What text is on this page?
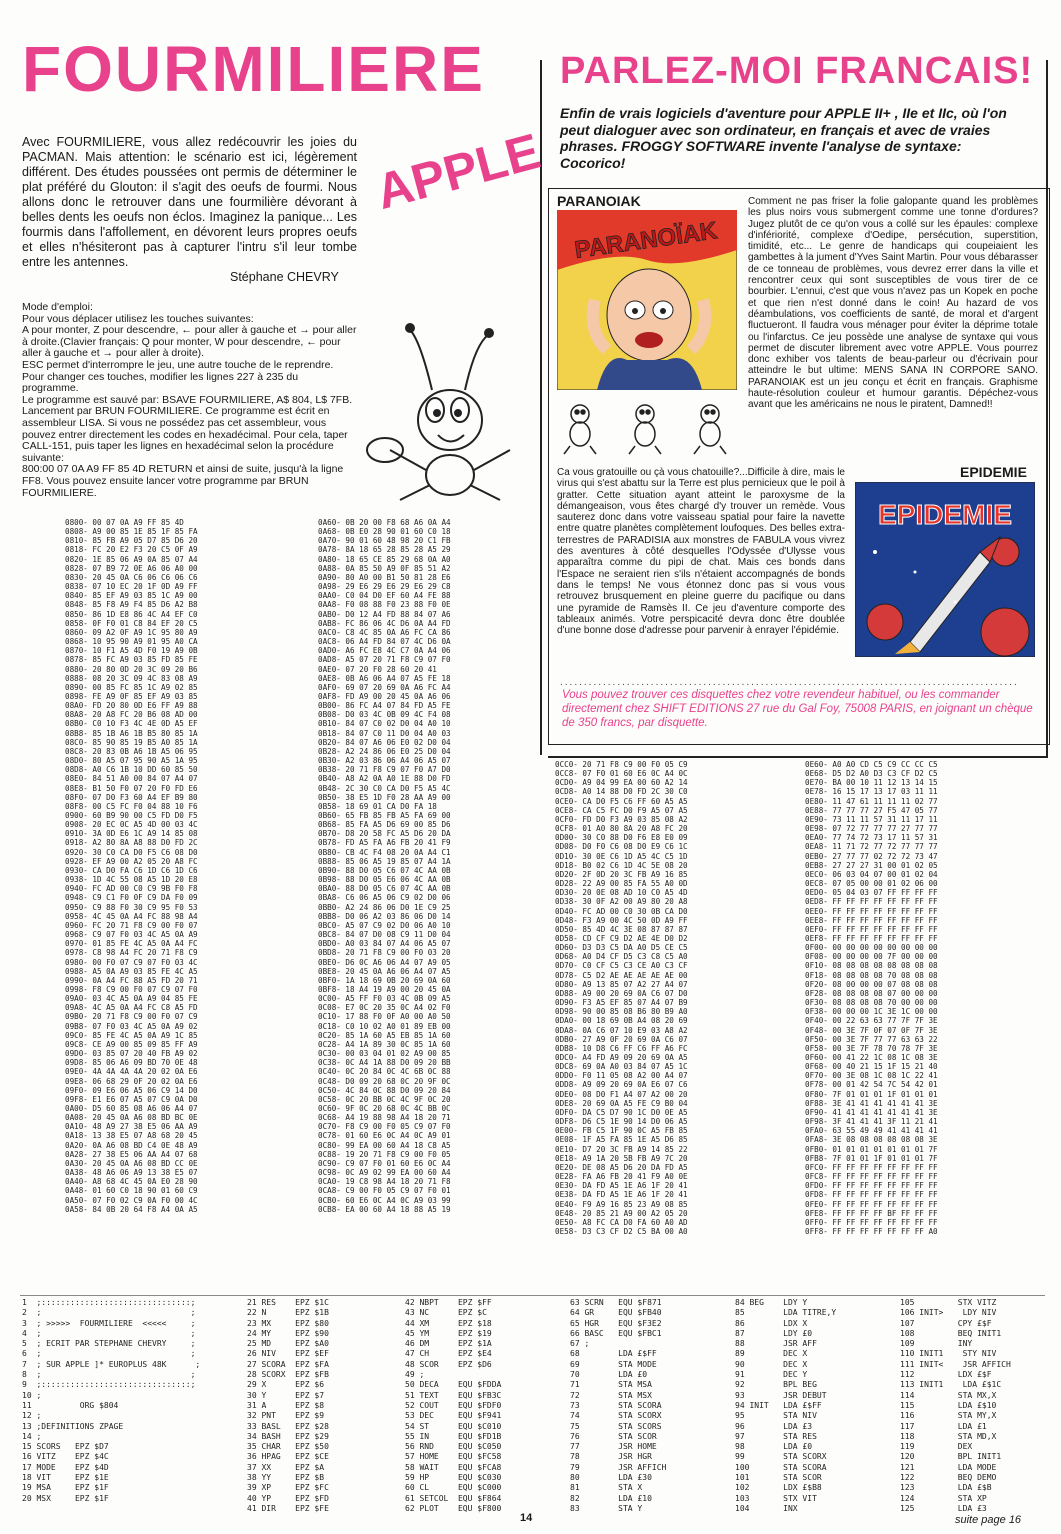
FOURMILIERE PARLEZ-MOI FRANCAIS!
Avec FOURMILIERE, vous allez redécouvrir les joies du PACMAN. Mais attention: le scénario est ici, légèrement différent. Des études poussées ont permis de déterminer le plat préféré du Glouton: il s'agit des oeufs de fourmi. Nous allons donc le retrouver dans une fourmilière dévorant à belles dents les oeufs non éclos. Imaginez la panique... Les fourmis dans l'affollement, en dévorent leurs propres oeufs et elles n'hésiteront pas à capturer l'intru s'il leur tombe entre les antennes.
Stéphane CHEVRY
APPLE
Mode d'emploi:
Pour vous déplacer utilisez les touches suivantes:
A pour monter, Z pour descendre, ← pour aller à gauche et → pour aller à droite.(Clavier français: Q pour monter, W pour descendre, ← pour aller à gauche et → pour aller à droite).
ESC permet d'interrompre le jeu, une autre touche de le reprendre. Pour changer ces touches, modifier les lignes 227 à 235 du programme.
Le programme est sauvé par: BSAVE FOURMILIERE, A$ 804, L$ 7FB.
Lancement par BRUN FOURMILIERE. Ce programme est écrit en assembleur LISA. Si vous ne possédez pas cet assembleur, vous pouvez entrer directement les codes en hexadécimal. Pour cela, taper CALL-151, puis taper les lignes en hexadécimal selon la procédure suivante:
800:00 07 0A A9 FF 85 4D RETURN et ainsi de suite, jusqu'à la ligne FF8. Vous pouvez ensuite lancer votre programme par BRUN FOURMILIERE.
Enfin de vrais logiciels d'aventure pour APPLE II+ , IIe et IIc, où l'on peut dialoguer avec son ordinateur, en français et avec de vraies phrases. FROGGY SOFTWARE invente l'analyse de syntaxe: Cocorico!
PARANOIAK
PARANOÏAK
Comment ne pas friser la folie galopante quand les problèmes les plus noirs vous submergent comme une tonne d'ordures? Jugez plutôt de ce qu'on vous a collé sur les épaules: complexe d'infériorité, complexe d'Oedipe, persécution, superstition, timidité, etc... Le genre de handicaps qui coupeiaient les gambettes à la jument d'Yves Saint Martin. Pour vous débarasser de ce tonneau de problèmes, vous devrez errer dans la ville et rencontrer ceux qui sont susceptibles de vous tirer de ce bourbier. L'ennui, c'est que vous n'avez pas un Kopek en poche et que rien n'est donné dans le coin! Au hazard de vos déambulations, vos coefficients de santé, de moral et d'argent fluctueront. Il faudra vous ménager pour éviter la déprime totale ou l'infarctus. Ce jeu possède une analyse de syntaxe qui vous permet de discuter librement avec votre APPLE. Vous pourrez donc exhiber vos talents de beau-parleur ou d'écrivain pour atteindre le but ultime: MENS SANA IN CORPORE SANO. PARANOIAK est un jeu conçu et écrit en français. Graphisme haute-résolution couleur et humour garantis. Dépéchez-vous avant que les américains ne nous le piratent, Damned!!
EPIDEMIE
EPIDEMIE
Ca vous gratouille ou çà vous chatouille?...Difficile à dire, mais le virus qui s'est abattu sur la Terre est plus pernicieux que le poil à gratter. Cette situation ayant atteint le paroxysme de la démangeaison, vous êtes chargé d'y trouver un remède. Vous sauterez donc dans votre vaisseau spatial pour faire la navette entre quatre planètes complètement loufoques. Des belles extra-terrestres de PARADISIA aux monstres de FABULA vous vivrez des aventures à côté desquelles l'Odyssée d'Ulysse vous apparaîtra comme du pipi de chat. Mais ces bonds dans l'Espace ne seraient rien s'ils n'étaient accompagnés de bonds dans le temps! Ne vous étonnez donc pas si vous vous retrouvez brusquement en pleine guerre du pacifique ou dans une pyramide de Ramsès II. Ce jeu d'aventure comporte des tableaux animés. Votre perspicacité devra donc être doublée d'une bonne dose d'adresse pour parvenir à enrayer l'épidémie.
................................................................................................
Vous pouvez trouver ces disquettes chez votre revendeur habituel, ou les commander directement chez SHIFT EDITIONS 27 rue du Gal Foy, 75008 PARIS, en joignant un chèque de 350 francs, par disquette.
0800- 00 07 0A A9 FF 85 4D
0808- A9 00 85 1E 85 1F 85 FA
0810- 85 FB A9 05 D7 85 D6 20
0818- FC 20 E2 F3 20 C5 0F A9
0820- 1E 85 06 A9 0A 85 07 A4
0828- 07 B9 72 0E A6 06 A0 00
0830- 20 45 0A C6 06 C6 06 C6
0838- 07 10 EC 20 1F 0D A9 FF
0840- 85 EF A9 03 85 1C A9 00
0848- 85 F8 A9 F4 85 D6 A2 B8
0850- 86 1D E8 86 4C A4 EF C0
0858- 0F F0 01 C8 84 EF 20 C5
0860- 09 A2 0F A9 1C 95 80 A9
0868- 10 95 90 A9 01 95 A0 CA
0870- 10 F1 A5 4D F0 19 A9 0B
0878- 85 FC A9 03 85 FD 85 FE
0880- 20 80 0D 20 3C 09 20 B6
0888- 08 20 3C 09 4C 83 08 A9
0890- 00 85 FC 85 1C A9 02 85
0898- FE A9 0F 85 EF A9 03 85
08A0- FD 20 80 0D E6 FF A9 88
08A8- 20 A8 FC 20 B6 08 AD 00
08B0- C0 10 F3 4C 4E 0D A5 EF
08B8- 85 1B A6 1B B5 80 85 1A
08C0- 85 90 85 19 B5 A0 85 1A
08C8- 20 83 0B A6 1B A5 06 95
08D0- 80 A5 07 95 90 A5 1A 95
08D8- A0 C6 1B 10 DD 60 85 50
08E0- 84 51 A0 00 84 07 A4 07
08E8- B1 50 F0 07 20 F0 FD E6
08F0- 07 D0 F3 60 A4 EF B9 80
08F8- 00 C5 FC F0 04 88 10 F6
0900- 60 B9 90 00 C5 FD D0 F5
0908- 20 EC 0C A5 4D 00 03 4C
0910- 3A 0D E6 1C A9 14 85 08
0918- A2 80 8A A8 88 D0 FD 2C
0920- 30 C0 CA D0 F5 C6 08 D0
0928- EF A9 00 A2 05 20 A8 FC
0930- CA D0 FA C6 1D C6 1D C6
0938- 1D 4C 55 08 A5 1D 20 E8
0940- FC AD 00 C0 C9 9B F0 F8
0948- C9 C1 F0 0F C9 DA F0 09
0950- C9 88 F0 30 C9 95 F0 53
0958- 4C 45 0A A4 FC 88 98 A4
0960- FC 20 71 F8 C9 00 F0 07
0968- C9 07 F0 03 4C A5 0A A9
0970- 01 85 FE 4C A5 0A A4 FC
0978- C8 98 A4 FC 20 71 F8 C9
0980- 00 F0 07 C9 07 F0 03 4C
0988- A5 0A A9 03 85 FE 4C A5
0990- 0A A4 FC 88 A5 FD 20 71
0998- F8 C9 00 F0 07 C9 07 F0
09A0- 03 4C A5 0A A9 04 85 FE
09A8- 4C A5 0A A4 FC C8 A5 FD
09B0- 20 71 F8 C9 00 F0 07 C9
09B8- 07 F0 03 4C A5 0A A9 02
09C0- 85 FE 4C A5 0A A9 1C 85
09C8- CE A9 00 85 09 85 FF A9
09D0- 03 85 07 20 40 FB A9 02
09D8- 85 06 A6 09 BD 70 0E 48
09E0- 4A 4A 4A 4A 20 02 0A E6
09E8- 06 68 29 0F 20 02 0A E6
09F0- 09 E6 06 A5 06 C9 14 D0
09F8- E1 E6 07 A5 07 C9 0A D0
0A00- D5 60 85 08 A6 06 A4 07
0A08- 20 45 0A A6 08 BD BC 0E
0A10- 48 A9 27 38 E5 06 AA A9
0A18- 13 38 E5 07 A8 68 20 45
0A20- 0A A6 08 BD C4 0E 48 A9
0A28- 27 38 E5 06 AA A4 07 68
0A30- 20 45 0A A6 08 BD CC 0E
0A38- 48 A6 06 A9 13 38 E5 07
0A40- A8 68 4C 45 0A E0 28 90
0A48- 01 60 C0 18 90 01 60 C9
0A50- 07 F0 02 C9 0A F0 00 4C
0A58- 84 0B 20 64 F8 A4 0A A5
0A60- 0B 20 00 F8 68 A6 0A A4
0A68- 0B E0 28 90 01 60 C0 18
0A70- 90 01 60 48 98 20 C1 FB
0A78- 8A 18 65 28 85 28 A5 29
0A80- 18 65 CE 85 29 68 0A A0
0A88- 0A 85 50 A9 0F 85 51 A2
0A90- 80 A0 00 B1 50 81 28 E6
0A98- 29 E6 29 E6 29 E6 29 C8
0AA0- C0 04 D0 EF 60 A4 FE 88
0AA8- F0 08 88 F0 23 88 F0 0E
0AB0- D0 12 A4 FD 88 84 07 A6
0AB8- FC 86 06 4C D6 0A A4 FD
0AC0- C8 4C 85 0A A6 FC CA 86
0AC8- 06 A4 FD 84 07 4C D6 0A
0AD0- A6 FC E8 4C C7 0A A4 06
0AD8- A5 07 20 71 F8 C9 07 F0
0AE0- 07 20 F0 28 60 20 41
0AE8- 0B A6 06 A4 07 A5 FE 18
0AF0- 69 07 20 69 0A A6 FC A4
0AF8- FD A9 00 20 45 0A A6 06
0B00- 86 FC A4 07 84 FD A5 FE
0B08- D0 03 4C 0B 09 4C F4 08
0B10- 84 07 C0 02 D0 04 A0 10
0B18- 84 07 C0 11 D0 04 A0 03
0B20- 84 07 A6 06 E0 02 D0 04
0B28- A2 24 86 06 E0 25 D0 04
0B30- A2 03 86 06 A4 06 A5 07
0B38- 20 71 F8 C9 07 F0 A7 D0
0B40- A8 A2 0A A0 1E 88 D0 FD
0B48- 2C 30 C0 CA D0 F5 A5 4C
0B50- 38 E5 1D F0 28 AA A9 00
0B58- 18 69 01 CA D0 FA 18
0B60- 65 FB 85 FB A5 FA 69 00
0B68- 85 FA A5 D6 69 00 85 D6
0B70- D8 20 58 FC A5 D6 20 DA
0B78- FD A5 FA A6 FB 20 41 F9
0B80- CB 4C F4 08 20 0A A4 C1
0B88- 85 06 A5 19 85 07 A4 1A
0B90- 88 D0 05 C6 07 4C AA 0B
0B98- 88 D0 05 E6 06 4C AA 0B
0BA0- 88 D0 05 C6 07 4C AA 0B
0BA8- C6 06 A5 06 C9 02 D0 06
0BB0- A2 24 86 06 D0 1E C9 25
0BB8- D0 06 A2 03 86 06 D0 14
0BC0- A5 07 C9 02 D0 06 A0 10
0BC8- 84 07 D0 08 C9 11 D0 04
0BD0- A0 03 84 07 A4 06 A5 07
0BD8- 20 71 F8 C9 00 F0 03 20
0BE0- D6 0C A6 06 A4 07 A9 05
0BE8- 20 45 0A A6 06 A4 07 A5
0BF0- 1A 18 69 0B 20 69 0A 60
0BF8- 18 A4 19 A9 00 20 45 0A
0C00- A5 FF F0 03 4C 0B 09 A5
0C08- E7 0C 20 35 0C A4 02 F0
0C10- 17 88 F0 0F A0 00 A0 50
0C18- C0 10 02 A0 01 89 EB 00
0C20- 85 1A 60 A5 EB 85 1A 60
0C28- A4 1A 89 30 0C 85 1A 60
0C30- 00 03 04 01 02 A9 00 85
0C38- 0C A4 1A 88 D0 09 20 BB
0C40- 0C 20 84 0C 4C 6B 0C 88
0C48- D0 09 20 68 0C 20 9F 0C
0C50- 4C 84 0C 88 D0 09 20 84
0C58- 0C 20 BB 0C 4C 9F 0C 20
0C60- 9F 0C 20 68 0C 4C BB 0C
0C68- A4 19 88 98 A4 18 20 71
0C70- F8 C9 00 F0 05 C9 07 F0
0C78- 01 60 E6 0C A4 0C A9 01
0C80- 99 EA 00 60 A4 18 C8 A5
0C88- 19 20 71 F8 C9 00 F0 05
0C90- C9 07 F0 01 60 E6 0C A4
0C98- 0C A9 02 99 EA 00 60 A4
0CA0- 19 C8 98 A4 18 20 71 F8
0CA8- C9 00 F0 05 C9 07 F0 01
0CB0- 60 E6 0C A4 0C A9 03 99
0CB8- EA 00 60 A4 18 88 A5 19
0CC0- 20 71 F8 C9 00 F0 05 C9
0CC8- 07 F0 01 60 E6 0C A4 0C
0CD0- A9 04 99 EA 00 60 A2 14
0CD8- A0 14 88 D0 FD 2C 30 C0
0CE0- CA D0 F5 C6 FF 60 A5 A5
0CE8- CA C5 FC D0 F9 A5 07 A5
0CF0- FD D0 F3 A9 03 85 08 A2
0CF8- 01 A0 80 8A 20 A8 FC 20
0D00- 30 C0 88 D0 F6 E8 E0 09
0D08- D0 F0 C6 08 D0 E9 C6 1C
0D10- 30 0E C6 1D A5 4C C5 1D
0D18- B0 02 C6 1D 4C 5E 08 20
0D20- 2F 0D 20 3C FB A9 16 85
0D28- 22 A9 00 85 FA 55 A0 0D
0D30- 20 0E 08 AD 10 C0 A5 4D
0D38- 30 0F A2 00 A9 80 20 A8
0D40- FC AD 00 C0 30 0B CA D0
0D48- F3 A9 00 4C 50 0D A9 FF
0D50- 85 4D 4C 3E 08 87 87 87
0D58- CD CF C9 D2 AE 4E D0 D2
0D60- D3 D3 C5 DA A0 D5 CE C5
0D68- A0 D4 CF D5 C3 C8 C5 A0
0D70- C0 CF C5 C3 CE A0 C3 CF
0D78- C5 D2 AE AE AE AE AE 00
0D80- A9 13 85 07 A2 27 A4 07
0D88- A9 00 20 69 0A C6 07 D0
0D90- F3 A5 EF 85 07 A4 07 B9
0D98- 90 00 85 08 B6 80 B9 A0
0DA0- 00 18 69 0B A4 08 20 69
0DA8- 0A C6 07 10 E9 03 A8 A2
0DB0- 27 A9 0F 20 69 0A C6 07
0DB8- 10 D8 C6 FF C6 FF A6 FC
0DC0- A4 FD A9 09 20 69 0A A5
0DC8- 69 0A A0 03 84 07 A5 1C
0DD0- F0 11 05 08 A2 00 A4 07
0DD8- A9 09 20 69 0A E6 07 C6
0DE0- 08 D0 F1 A4 07 A2 00 20
0DE8- 20 69 0A A5 FE C9 B0 04
0DF0- DA C5 D7 90 1C D0 0E A5
0DF8- D6 C5 1E 90 14 D0 06 A5
0E00- FB C5 1F 90 0C A5 FB 85
0E08- 1F A5 FA 85 1E A5 D6 85
0E10- D7 20 3C FB A9 14 85 22
0E18- A9 1A 20 5B FB A9 7C 20
0E20- DE 08 A5 D6 20 DA FD A5
0E28- FA A6 FB 20 41 F9 A0 0E
0E30- DA FD A5 1E A6 1F 20 41
0E38- DA FD A5 1E A6 1F 20 41
0E40- F9 A9 16 85 23 A9 08 85
0E48- 20 85 21 A9 00 A2 05 20
0E50- A8 FC CA D0 FA 60 A0 AD
0E58- D3 C3 CF D2 C5 BA 00 A0
0E60- A0 A0 CD C5 C9 CC CC C5
0E68- D5 D2 A0 D3 C3 CF D2 C5
0E70- BA 00 10 11 12 13 14 15
0E78- 16 15 17 13 17 03 11 11
0E80- 11 47 61 11 11 11 02 77
0E88- 77 77 77 27 F5 47 05 77
0E90- 73 11 11 57 31 11 17 11
0E98- 07 72 77 77 77 27 77 77
0EA0- 77 74 72 73 17 11 57 31
0EA8- 11 71 72 77 72 77 77 77
0EB0- 27 77 77 02 72 72 73 47
0EB8- 27 27 27 31 00 01 02 05
0EC0- 06 03 04 07 00 01 02 04
0EC8- 07 05 00 00 01 02 06 00
0ED0- 05 04 03 07 FF FF FF FF
0ED8- FF FF FF FF FF FF FF FF
0EE0- FF FF FF FF FF FF FF FF
0EE8- FF FF FF FF FF FF FF FF
0EF0- FF FF FF FF FF FF FF FF
0EF8- FF FF FF FF FF FF FF FF
0F00- 00 00 00 00 00 00 00 00
0F08- 00 00 00 00 7F 00 00 00
0F10- 08 08 08 08 08 08 08 08
0F18- 08 08 08 08 70 08 08 08
0F20- 08 00 00 00 07 08 08 08
0F28- 08 08 08 08 07 00 00 00
0F30- 08 08 08 08 70 00 00 00
0F38- 00 00 00 1C 3E 1C 00 00
0F40- 00 22 63 63 77 7F 7F 3E
0F48- 00 3E 7F 0F 07 0F 7F 3E
0F50- 00 3E 7F 77 77 63 63 22
0F58- 00 3E 7F 78 70 78 7F 3E
0F60- 00 41 22 1C 08 1C 08 3E
0F68- 00 40 21 15 1F 15 21 40
0F70- 00 3E 08 1C 08 1C 22 41
0F78- 00 01 42 54 7C 54 42 01
0F80- 7F 01 01 01 1F 01 01 01
0F88- 3E 41 41 41 41 41 41 3E
0F90- 41 41 41 41 41 41 41 3E
0F98- 3F 41 41 41 3F 11 21 41
0FA0- 63 55 49 49 41 41 41 41
0FA8- 3E 08 08 08 08 08 08 3E
0FB0- 01 01 01 01 01 01 01 7F
0FB8- 7F 01 01 1F 01 01 01 7F
0FC0- FF FF FF FF FF FF FF FF
0FC8- FF FF FF FF FF FF FF FF
0FD0- FF FF FF FF FF FF FF FF
0FD8- FF FF FF FF FF FF FF FF
0FE0- FF FF FF FF FF FF FF FF
0FE8- FF FF FF FF BF FF FF FF
0FF0- FF FF FF FF FF FF FF FF
0FF8- FF FF FF FF FF FF FF A0
1  ;:::::::::::::::::::::::::::::::;
2  ;                               ;
3  ; >>>>>  FOURMILIERE  <<<<<     ;
4  ;                               ;
5  ; ECRIT PAR STEPHANE CHEVRY     ;
6  ;                               ;
7  ; SUR APPLE ]* EUROPLUS 48K      ;
8  ;                               ;
9  ;:::::::::::::::::::::::::::::::;
10 ;
11          ORG $804
12 ;
13 ;DEFINITIONS ZPAGE
14 ;
15 SCORS   EPZ $D7
16 VITZ    EPZ $4C
17 MODE    EPZ $4D
18 VIT     EPZ $1E
19 MSA     EPZ $1F
20 MSX     EPZ $1F
21 RES    EPZ $1C
22 N      EPZ $1B
23 MX     EPZ $80
24 MY     EPZ $90
25 MD     EPZ $A0
26 NIV    EPZ $EF
27 SCORA  EPZ $FA
28 SCORX  EPZ $FB
29 X      EPZ $6
30 Y      EPZ $7
31 A      EPZ $8
32 PNT    EPZ $9
33 BASL   EPZ $28
34 BASH   EPZ $29
35 CHAR   EPZ $50
36 HPAG   EPZ $CE
37 XX     EPZ $A
38 YY     EPZ $B
39 XP     EPZ $FC
40 YP     EPZ $FD
41 DIR    EPZ $FE
42 NBPT    EPZ $FF
43 NC      EPZ $C
44 XM      EPZ $18
45 YM      EPZ $19
46 DM      EPZ $1A
47 CH      EPZ $E4
48 SCOR    EPZ $D6
49 ;
50 DECA    EQU $FDDA
51 TEXT    EQU $FB3C
52 COUT    EQU $FDF0
53 DEC     EQU $F941
54 ST      EQU $C010
55 IN      EQU $FD1B
56 RND     EQU $C050
57 HOME    EQU $FC58
58 WAIT    EQU $FCA8
59 HP      EQU $C030
60 CL      EQU $C000
61 SETCOL  EQU $F864
62 PLOT    EQU $F800
63 SCRN   EQU $F871
64 GR     EQU $FB40
65 HGR    EQU $F3E2
66 BASC   EQU $FBC1
67 ;
68        LDA £$FF
69        STA MODE
70        LDA £0
71        STA MSA
72        STA MSX
73        STA SCORA
74        STA SCORX
75        STA SCORS
76        STA SCOR
77        JSR HOME
78        JSR HGR
79        JSR AFFICH
80        LDA £30
81        STA X
82        LDA £10
83        STA Y
84 BEG    LDY Y
85        LDA TITRE,Y
86        LDX X
87        LDY £0
88        JSR AFF
89        DEC X
90        DEC X
91        DEC Y
92        BPL BEG
93        JSR DEBUT
94 INIT   LDA £$FF
95        STA NIV
96        LDA £3
97        STA RES
98        LDA £0
99        STA SCORX
100       STA SCORA
101       STA SCOR
102       LDX £$B8
103       STX VIT
104       INX
105         STX VITZ
106 INIT>    LDY NIV
107         CPY £$F
108         BEQ INIT1
109         INY
110 INIT1    STY NIV
111 INIT<    JSR AFFICH
112         LDX £$F
113 INIT1    LDA £$1C
114         STA MX,X
115         LDA £$10
116         STA MY,X
117         LDA £1
118         STA MD,X
119         DEX
120         BPL INIT1
121         LDA MODE
122         BEQ DEMO
123         LDA £$B
124         STA XP
125         LDA £3
14	suite page 16
